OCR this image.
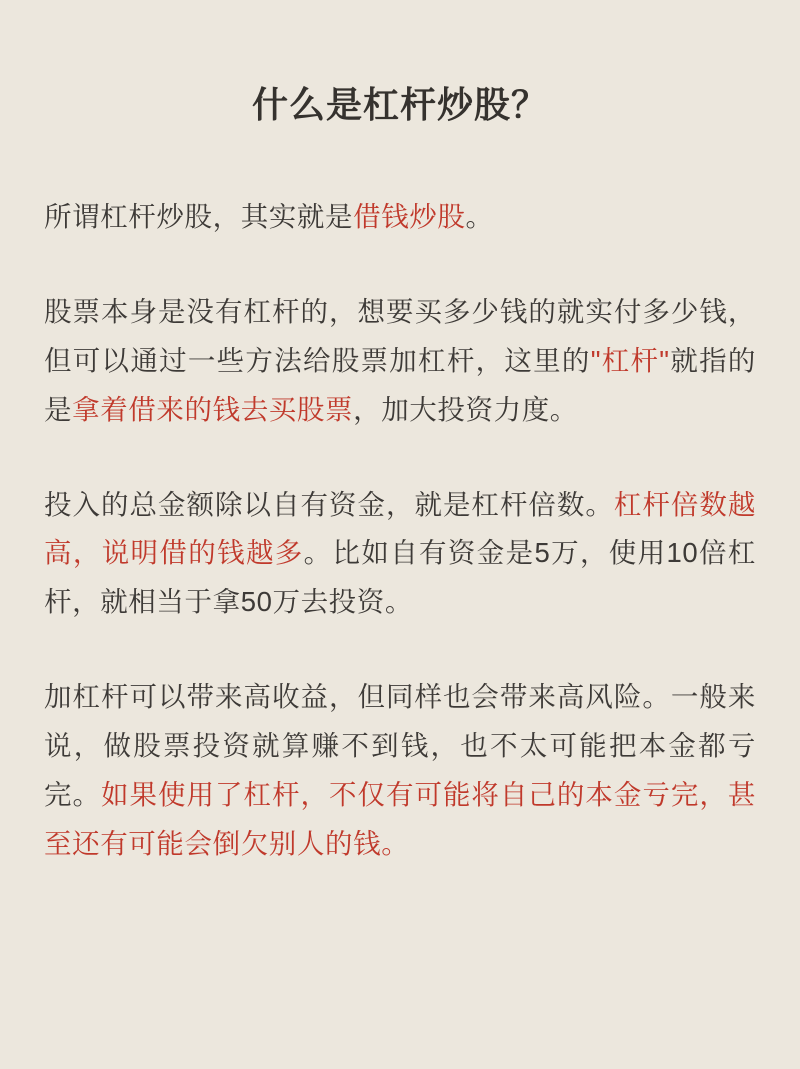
什么是杠杆炒股？

所谓杠杆炒股，其实就是借钱炒股。

股票本身是没有杠杆的，想要买多少钱的就实付多少钱，但可以通过一些方法给股票加杠杆，这里的"杠杆"就指的是拿着借来的钱去买股票，加大投资力度。

投入的总金额除以自有资金，就是杠杆倍数。杠杆倍数越高，说明借的钱越多。比如自有资金是5万，使用10倍杠杆，就相当于拿50万去投资。

加杠杆可以带来高收益，但同样也会带来高风险。一般来说，做股票投资就算赚不到钱，也不太可能把本金都亏完。如果使用了杠杆，不仅有可能将自己的本金亏完，甚至还有可能会倒欠别人的钱。
